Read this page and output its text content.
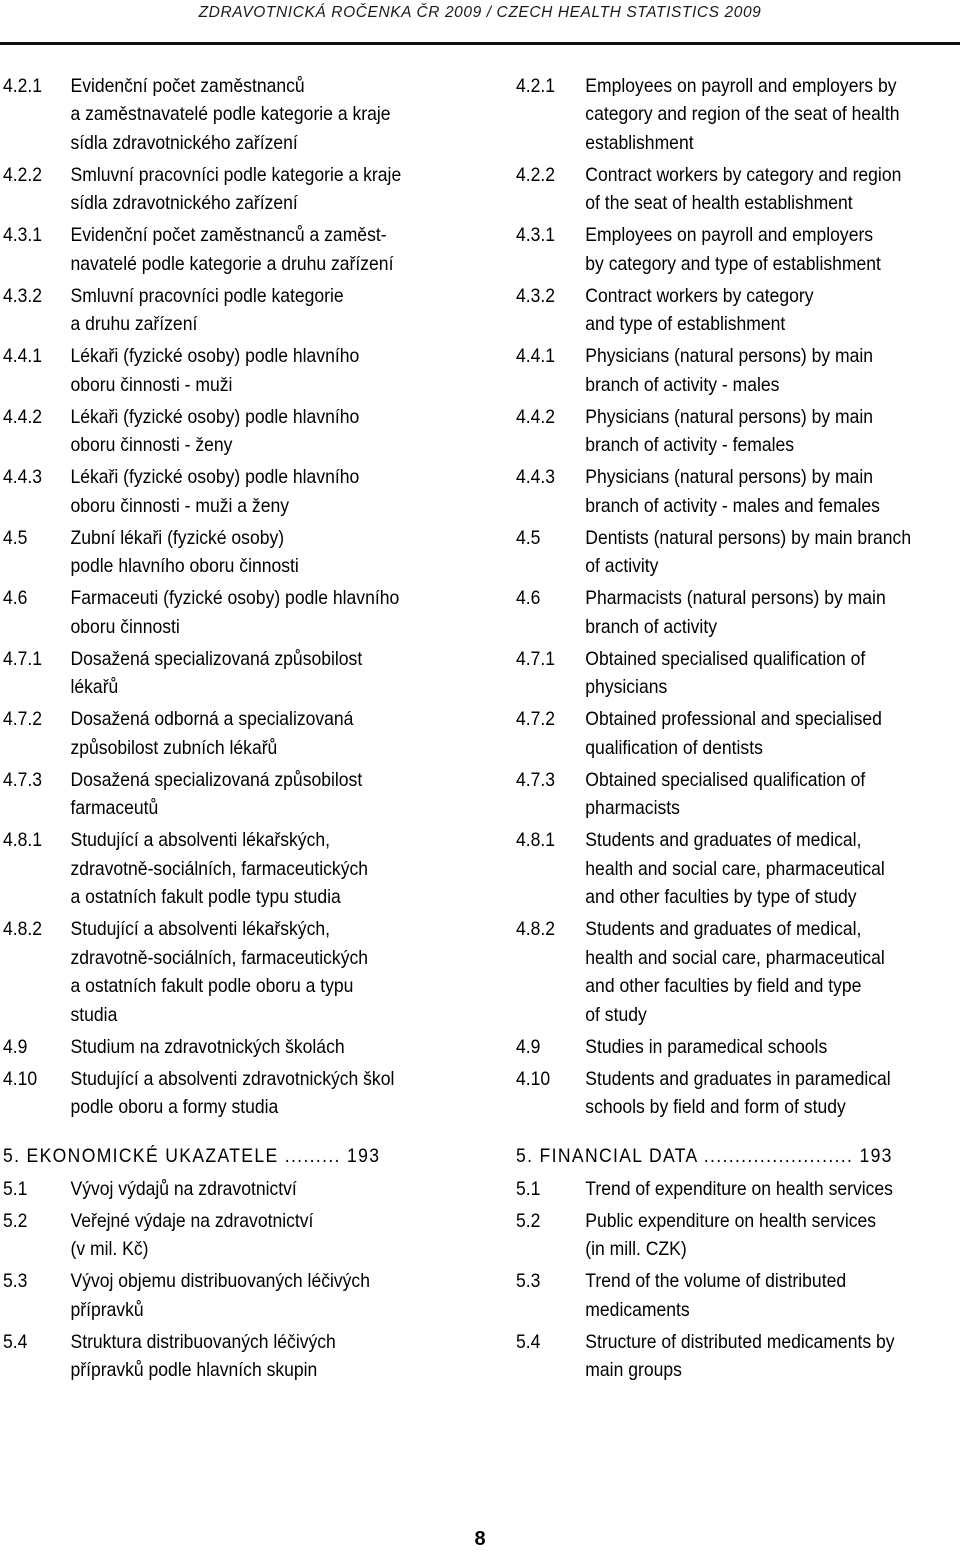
ZDRAVOTNICKÁ ROČENKA ČR 2009 / CZECH HEALTH STATISTICS 2009
4.2.1	Evidenční počet zaměstnanců
a zaměstnavatelé podle kategorie a kraje
sídla zdravotnického zařízení
4.2.2	Smluvní pracovníci podle kategorie a kraje
sídla zdravotnického zařízení
4.3.1	Evidenční počet zaměstnanců a zaměst-
navatelé podle kategorie a druhu zařízení
4.3.2	Smluvní pracovníci podle kategorie
a druhu zařízení
4.4.1	Lékaři (fyzické osoby) podle hlavního
oboru činnosti - muži
4.4.2	Lékaři (fyzické osoby) podle hlavního
oboru činnosti - ženy
4.4.3	Lékaři (fyzické osoby) podle hlavního
oboru činnosti - muži a ženy
4.5	Zubní lékaři (fyzické osoby)
podle hlavního oboru činnosti
4.6	Farmaceuti (fyzické osoby) podle hlavního
oboru činnosti
4.7.1	Dosažená specializovaná způsobilost
lékařů
4.7.2	Dosažená odborná a specializovaná
způsobilost zubních lékařů
4.7.3	Dosažená specializovaná způsobilost
farmaceutů
4.8.1	Studující a absolventi lékařských,
zdravotně-sociálních, farmaceutických
a ostatních fakult podle typu studia
4.8.2	Studující a absolventi lékařských,
zdravotně-sociálních, farmaceutických
a ostatních fakult podle oboru a typu
studia
4.9	Studium na zdravotnických školách
4.10	Studující a absolventi zdravotnických škol
podle oboru a formy studia
5. EKONOMICKÉ UKAZATELE ......... 193
5.1	Vývoj výdajů na zdravotnictví
5.2	Veřejné výdaje na zdravotnictví
(v mil. Kč)
5.3	Vývoj objemu distribuovaných léčivých
přípravků
5.4	Struktura distribuovaných léčivých
přípravků podle hlavních skupin
4.2.1	Employees on payroll and employers by
category and region of the seat of health
establishment
4.2.2	Contract workers by category and region
of the seat of health establishment
4.3.1	Employees on payroll and employers
by category and type of establishment
4.3.2	Contract workers by category
and type of establishment
4.4.1	Physicians (natural persons) by main
branch of activity - males
4.4.2	Physicians (natural persons) by main
branch of activity - females
4.4.3	Physicians (natural persons) by main
branch of activity - males and females
4.5	Dentists (natural persons) by main branch
of activity
4.6	Pharmacists (natural persons) by main
branch of activity
4.7.1	Obtained specialised qualification of
physicians
4.7.2	Obtained professional and specialised
qualification of dentists
4.7.3	Obtained specialised qualification of
pharmacists
4.8.1	Students and graduates of medical,
health and social care, pharmaceutical
and other faculties by type of study
4.8.2	Students and graduates of medical,
health and social care, pharmaceutical
and other faculties by field and type
of study
4.9	Studies in paramedical schools
4.10	Students and graduates in paramedical
schools by field and form of study
5. FINANCIAL DATA ........................ 193
5.1	Trend of expenditure on health services
5.2	Public expenditure on health services
(in mill. CZK)
5.3	Trend of the volume of distributed
medicaments
5.4	Structure of distributed medicaments by
main groups
8
